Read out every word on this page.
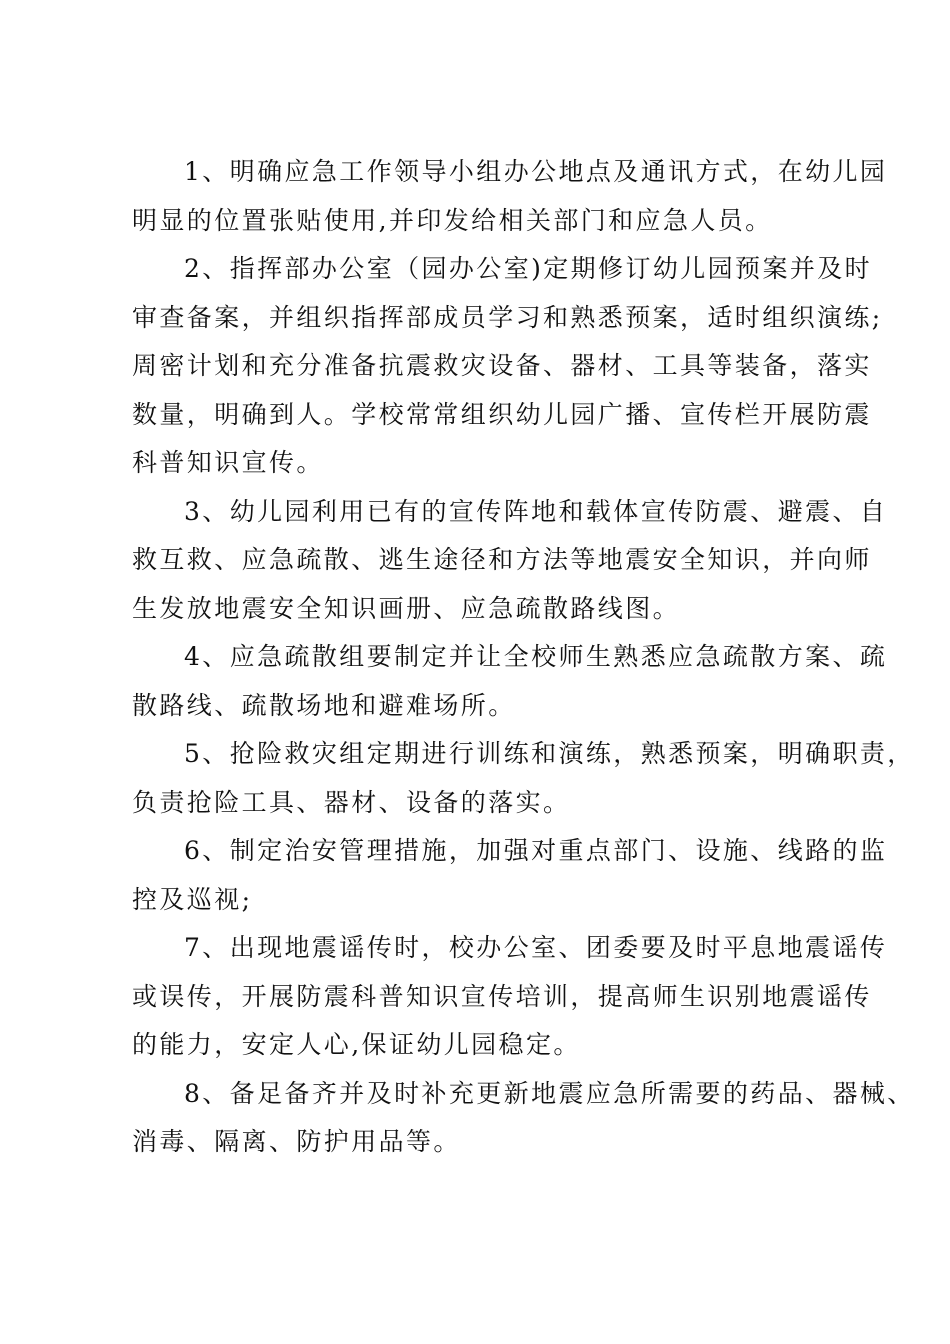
1、明确应急工作领导小组办公地点及通讯方式，在幼儿园
明显的位置张贴使用,并印发给相关部门和应急人员。

2、指挥部办公室（园办公室)定期修订幼儿园预案并及时
审查备案，并组织指挥部成员学习和熟悉预案，适时组织演练;
周密计划和充分准备抗震救灾设备、器材、工具等装备，落实
数量，明确到人。学校常常组织幼儿园广播、宣传栏开展防震
科普知识宣传。

3、幼儿园利用已有的宣传阵地和载体宣传防震、避震、自
救互救、应急疏散、逃生途径和方法等地震安全知识，并向师
生发放地震安全知识画册、应急疏散路线图。

4、应急疏散组要制定并让全校师生熟悉应急疏散方案、疏
散路线、疏散场地和避难场所。

5、抢险救灾组定期进行训练和演练，熟悉预案，明确职责，
负责抢险工具、器材、设备的落实。

6、制定治安管理措施，加强对重点部门、设施、线路的监
控及巡视;

7、出现地震谣传时，校办公室、团委要及时平息地震谣传
或误传，开展防震科普知识宣传培训，提高师生识别地震谣传
的能力，安定人心,保证幼儿园稳定。

8、备足备齐并及时补充更新地震应急所需要的药品、器械、
消毒、隔离、防护用品等。
